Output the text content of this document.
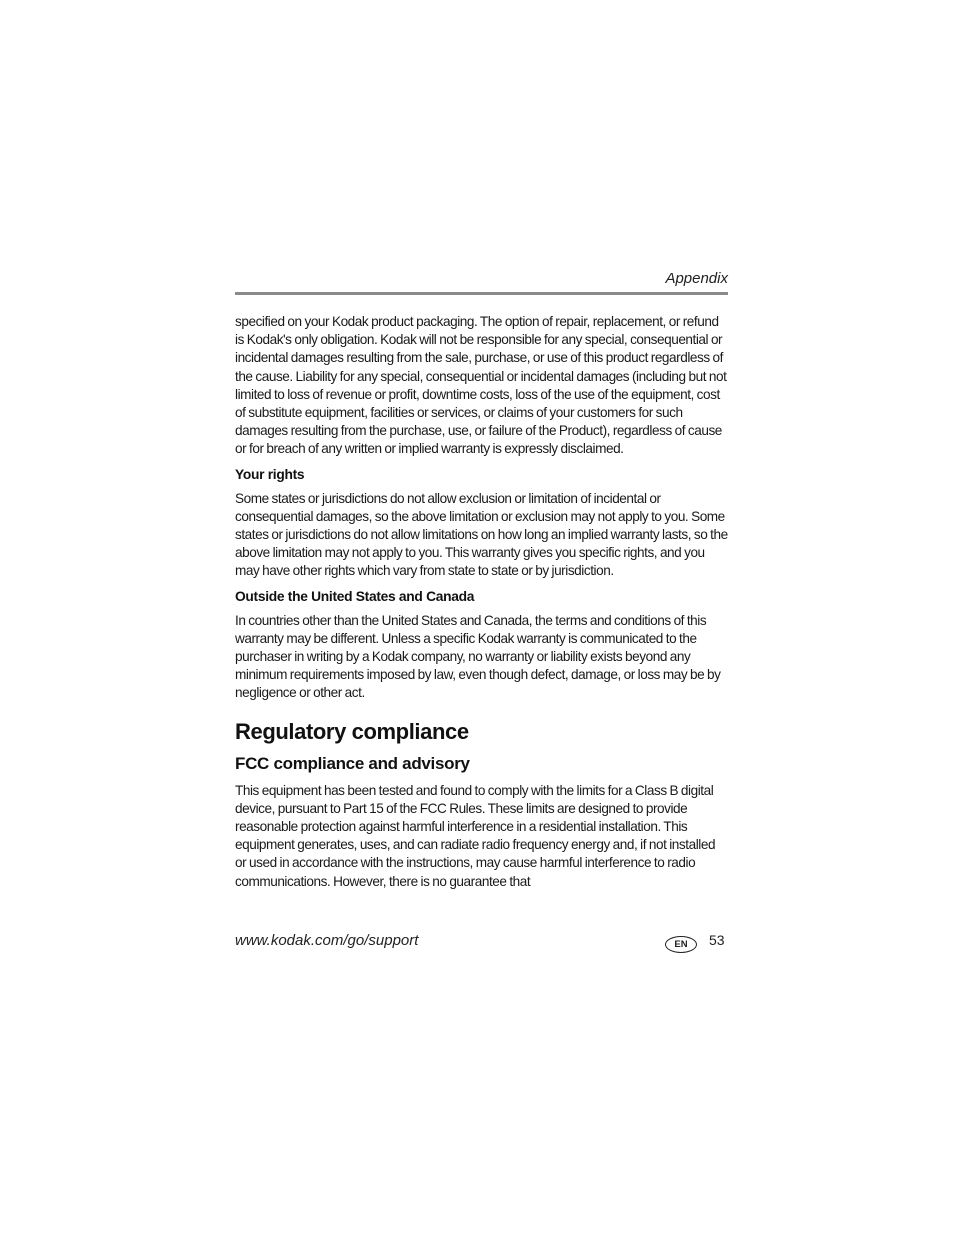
Appendix

specified on your Kodak product packaging. The option of repair, replacement, or refund is Kodak's only obligation. Kodak will not be responsible for any special, consequential or incidental damages resulting from the sale, purchase, or use of this product regardless of the cause. Liability for any special, consequential or incidental damages (including but not limited to loss of revenue or profit, downtime costs, loss of the use of the equipment, cost of substitute equipment, facilities or services, or claims of your customers for such damages resulting from the purchase, use, or failure of the Product), regardless of cause or for breach of any written or implied warranty is expressly disclaimed.

Your rights

Some states or jurisdictions do not allow exclusion or limitation of incidental or consequential damages, so the above limitation or exclusion may not apply to you. Some states or jurisdictions do not allow limitations on how long an implied warranty lasts, so the above limitation may not apply to you. This warranty gives you specific rights, and you may have other rights which vary from state to state or by jurisdiction.

Outside the United States and Canada

In countries other than the United States and Canada, the terms and conditions of this warranty may be different. Unless a specific Kodak warranty is communicated to the purchaser in writing by a Kodak company, no warranty or liability exists beyond any minimum requirements imposed by law, even though defect, damage, or loss may be by negligence or other act.

Regulatory compliance
FCC compliance and advisory

This equipment has been tested and found to comply with the limits for a Class B digital device, pursuant to Part 15 of the FCC Rules. These limits are designed to provide reasonable protection against harmful interference in a residential installation. This equipment generates, uses, and can radiate radio frequency energy and, if not installed or used in accordance with the instructions, may cause harmful interference to radio communications. However, there is no guarantee that

www.kodak.com/go/support	EN	53
